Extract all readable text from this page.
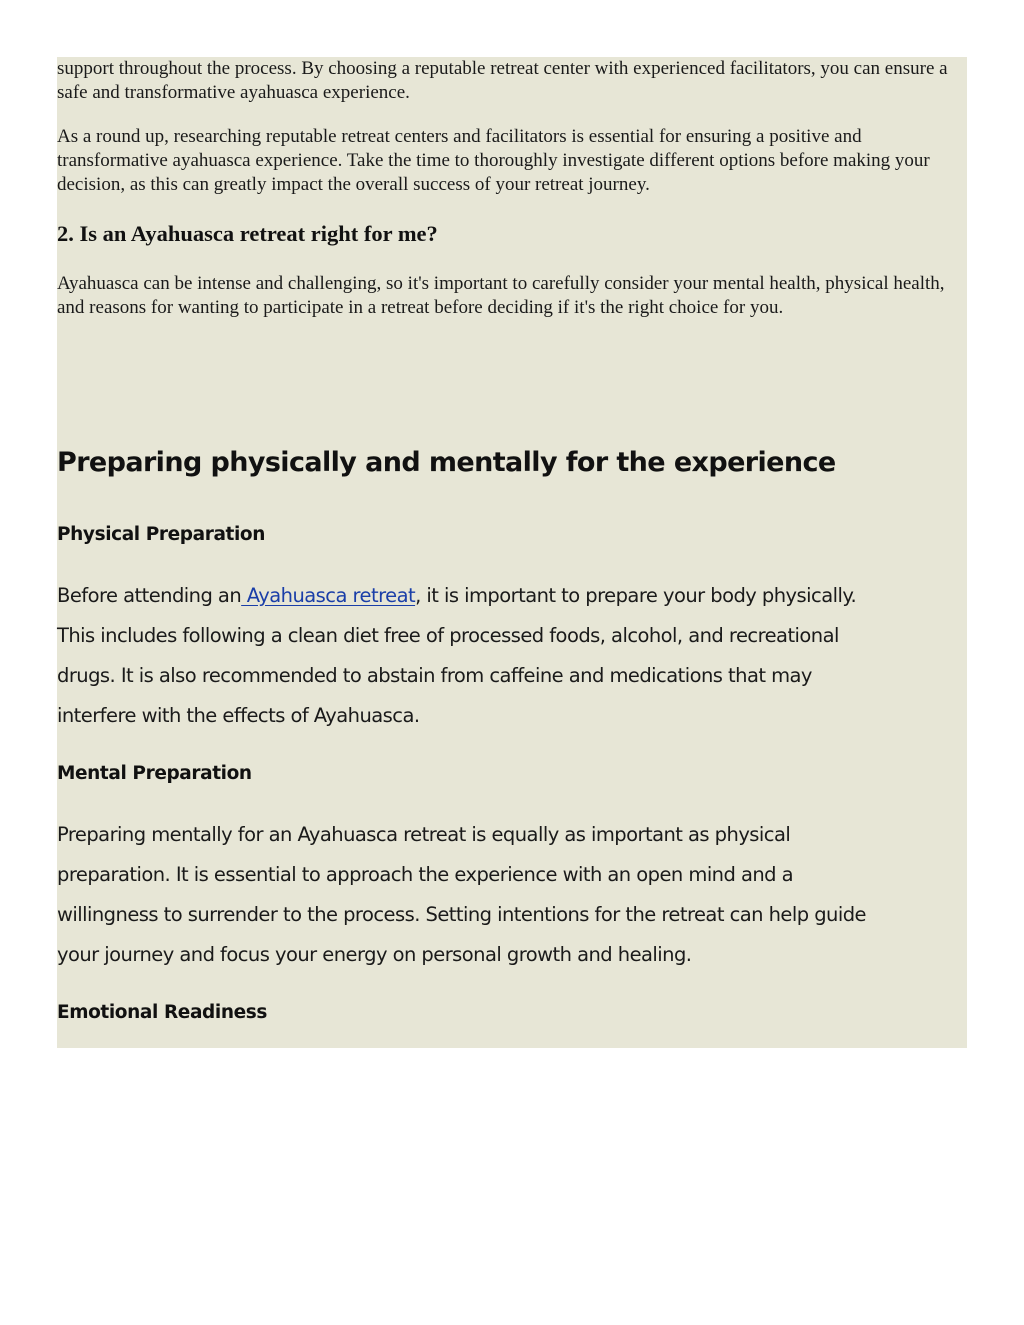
support throughout the process. By choosing a reputable retreat center with experienced facilitators, you can ensure a safe and transformative ayahuasca experience.

As a round up, researching reputable retreat centers and facilitators is essential for ensuring a positive and transformative ayahuasca experience. Take the time to thoroughly investigate different options before making your decision, as this can greatly impact the overall success of your retreat journey.

2. Is an Ayahuasca retreat right for me?

Ayahuasca can be intense and challenging, so it's important to carefully consider your mental health, physical health, and reasons for wanting to participate in a retreat before deciding if it's the right choice for you.

Preparing physically and mentally for the experience
Physical Preparation
Before attending an Ayahuasca retreat, it is important to prepare your body physically.
This includes following a clean diet free of processed foods, alcohol, and recreational
drugs. It is also recommended to abstain from caffeine and medications that may
interfere with the effects of Ayahuasca.
Mental Preparation
Preparing mentally for an Ayahuasca retreat is equally as important as physical
preparation. It is essential to approach the experience with an open mind and a
willingness to surrender to the process. Setting intentions for the retreat can help guide
your journey and focus your energy on personal growth and healing.
Emotional Readiness
